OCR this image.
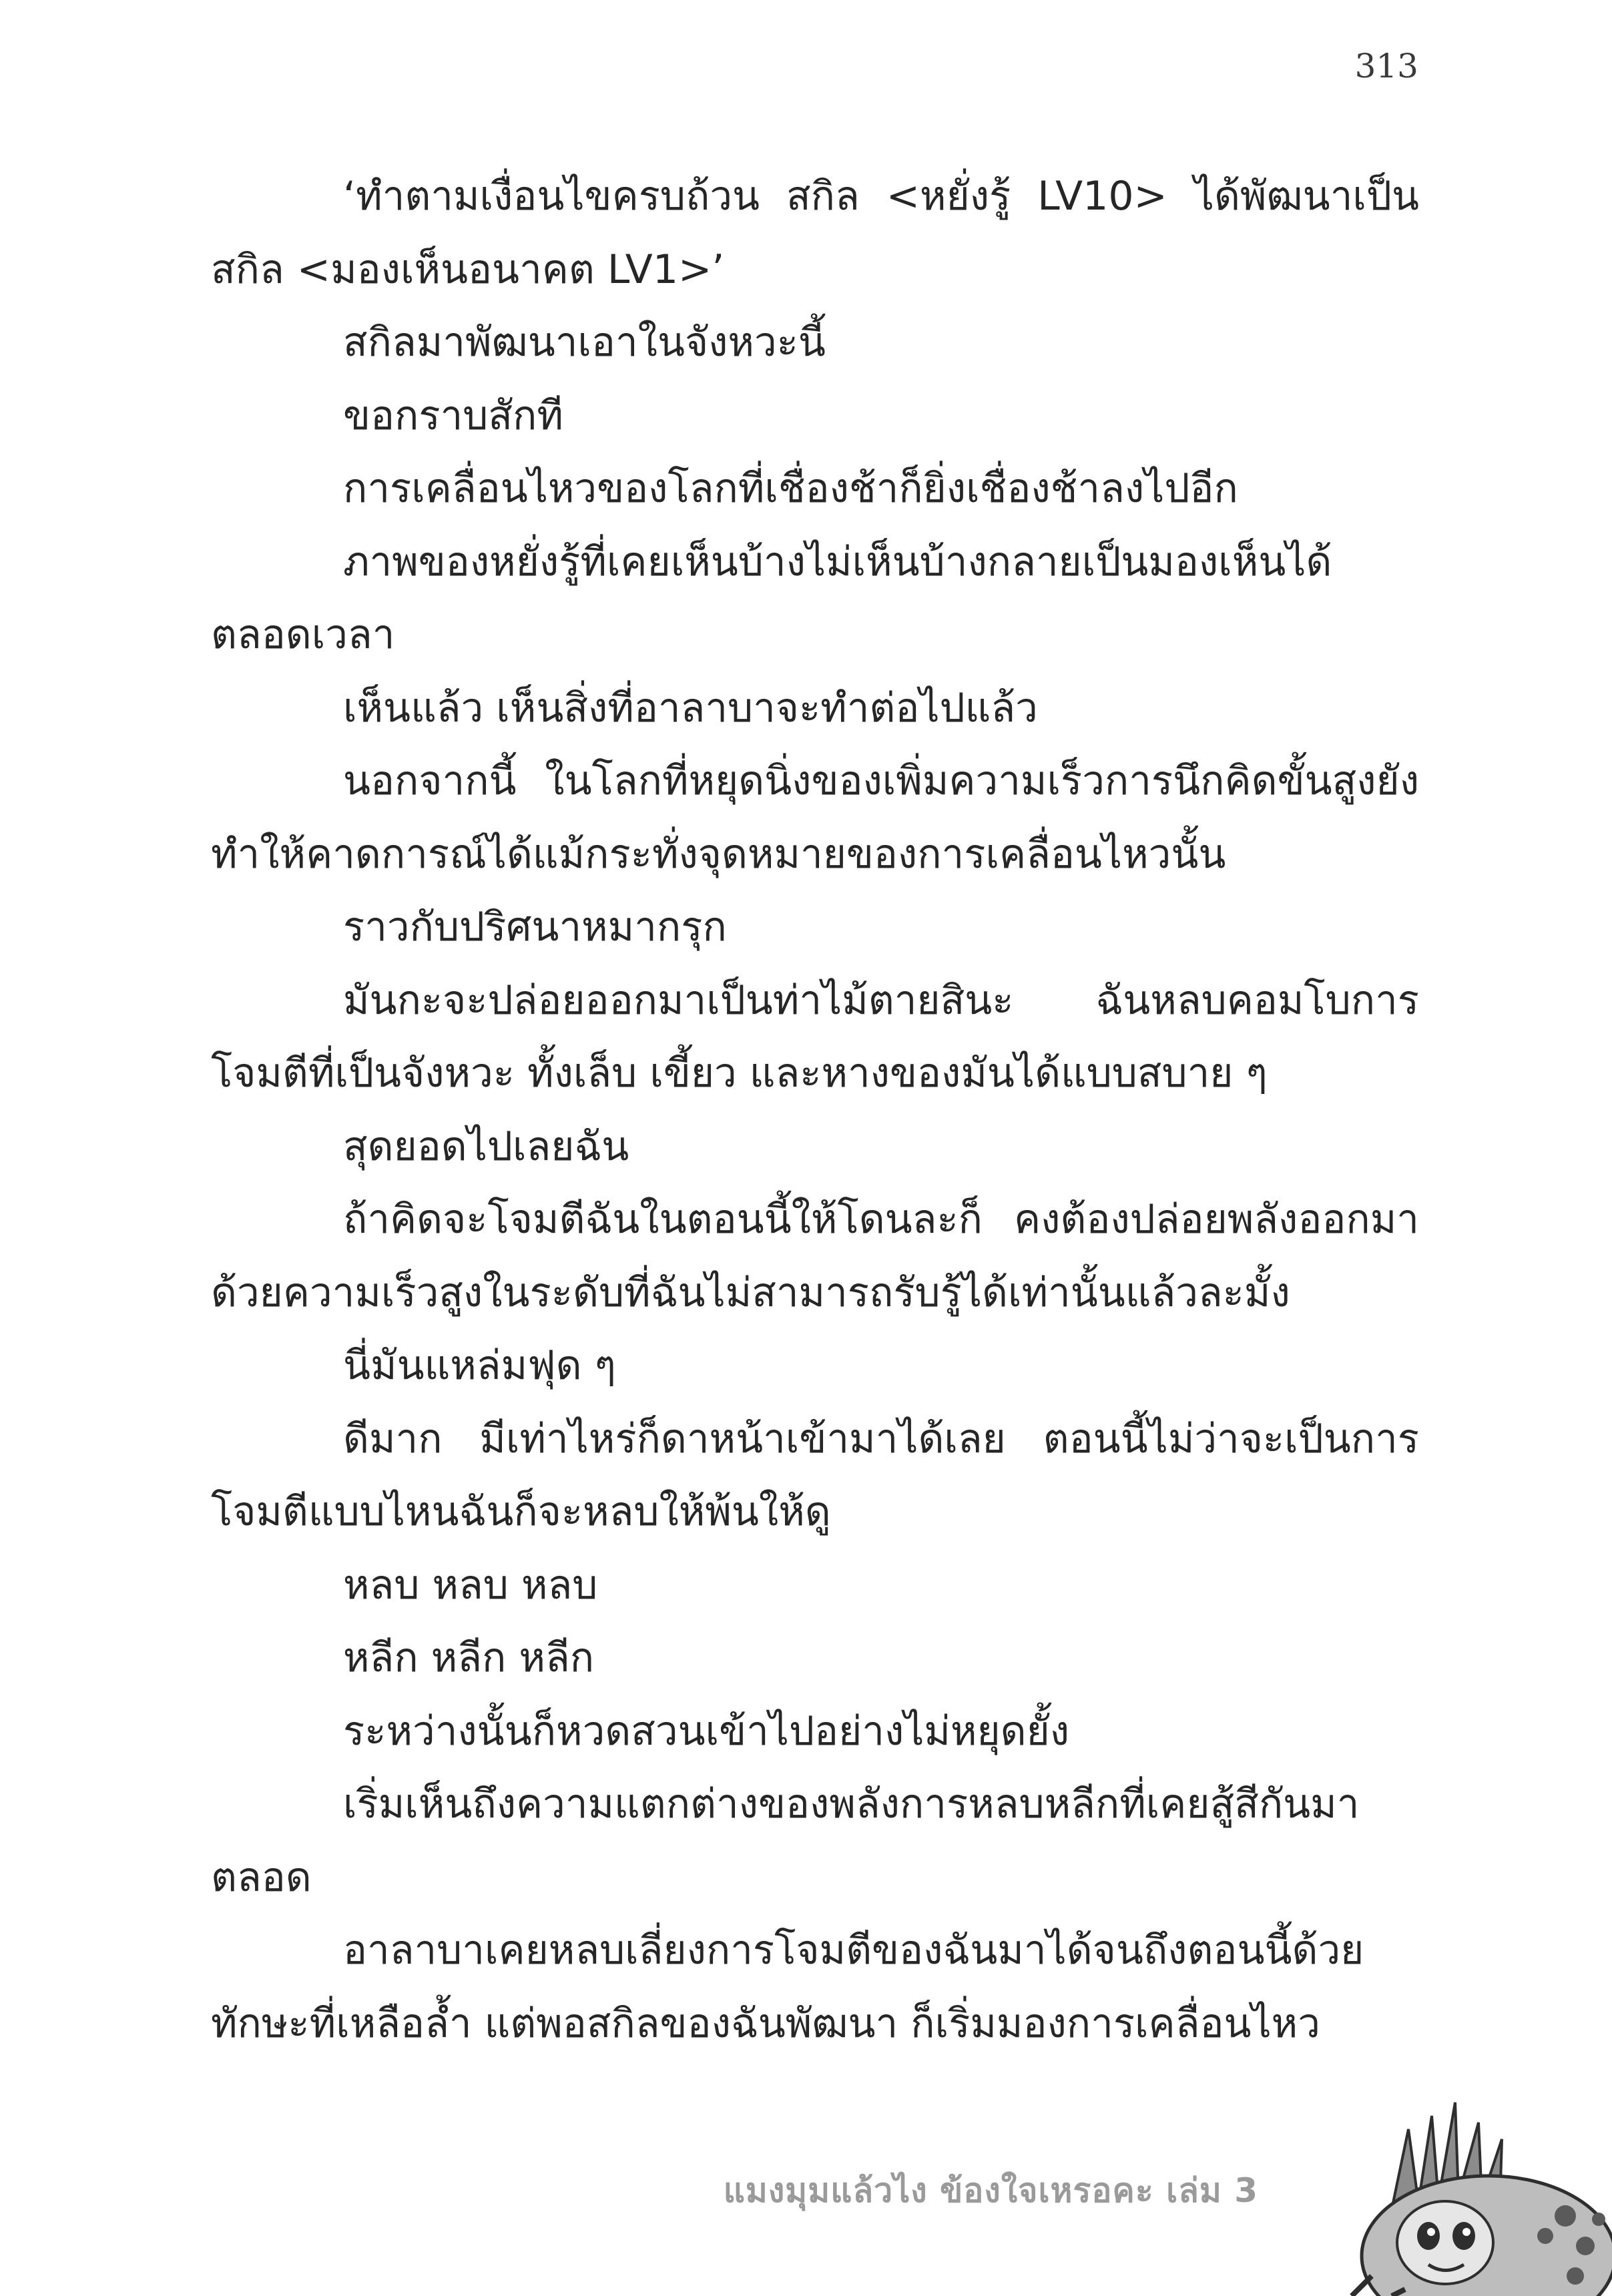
313

‘ทำตามเงื่อนไขครบถ้วน สกิล <หยั่งรู้ LV10> ได้พัฒนาเป็นสกิล <มองเห็นอนาคต LV1>’

สกิลมาพัฒนาเอาในจังหวะนี้

ขอกราบสักที

การเคลื่อนไหวของโลกที่เชื่องช้าก็ยิ่งเชื่องช้าลงไปอีก

ภาพของหยั่งรู้ที่เคยเห็นบ้างไม่เห็นบ้างกลายเป็นมองเห็นได้ตลอดเวลา

เห็นแล้ว เห็นสิ่งที่อาลาบาจะทำต่อไปแล้ว

นอกจากนี้ ในโลกที่หยุดนิ่งของเพิ่มความเร็วการนึกคิดขั้นสูงยังทำให้คาดการณ์ได้แม้กระทั่งจุดหมายของการเคลื่อนไหวนั้น

ราวกับปริศนาหมากรุก

มันกะจะปล่อยออกมาเป็นท่าไม้ตายสินะ ฉันหลบคอมโบการโจมตีที่เป็นจังหวะ ทั้งเล็บ เขี้ยว และหางของมันได้แบบสบาย ๆ

สุดยอดไปเลยฉัน

ถ้าคิดจะโจมตีฉันในตอนนี้ให้โดนละก็ คงต้องปล่อยพลังออกมาด้วยความเร็วสูงในระดับที่ฉันไม่สามารถรับรู้ได้เท่านั้นแล้วละมั้ง

นี่มันแหล่มฟุด ๆ

ดีมาก มีเท่าไหร่ก็ดาหน้าเข้ามาได้เลย ตอนนี้ไม่ว่าจะเป็นการโจมตีแบบไหนฉันก็จะหลบให้พ้นให้ดู

หลบ หลบ หลบ

หลีก หลีก หลีก

ระหว่างนั้นก็หวดสวนเข้าไปอย่างไม่หยุดยั้ง

เริ่มเห็นถึงความแตกต่างของพลังการหลบหลีกที่เคยสู้สีกันมาตลอด

อาลาบาเคยหลบเลี่ยงการโจมตีของฉันมาได้จนถึงตอนนี้ด้วยทักษะที่เหลือล้ำ แต่พอสกิลของฉันพัฒนา ก็เริ่มมองการเคลื่อนไหว

แมงมุมแล้วไง ข้องใจเหรอคะ เล่ม 3
